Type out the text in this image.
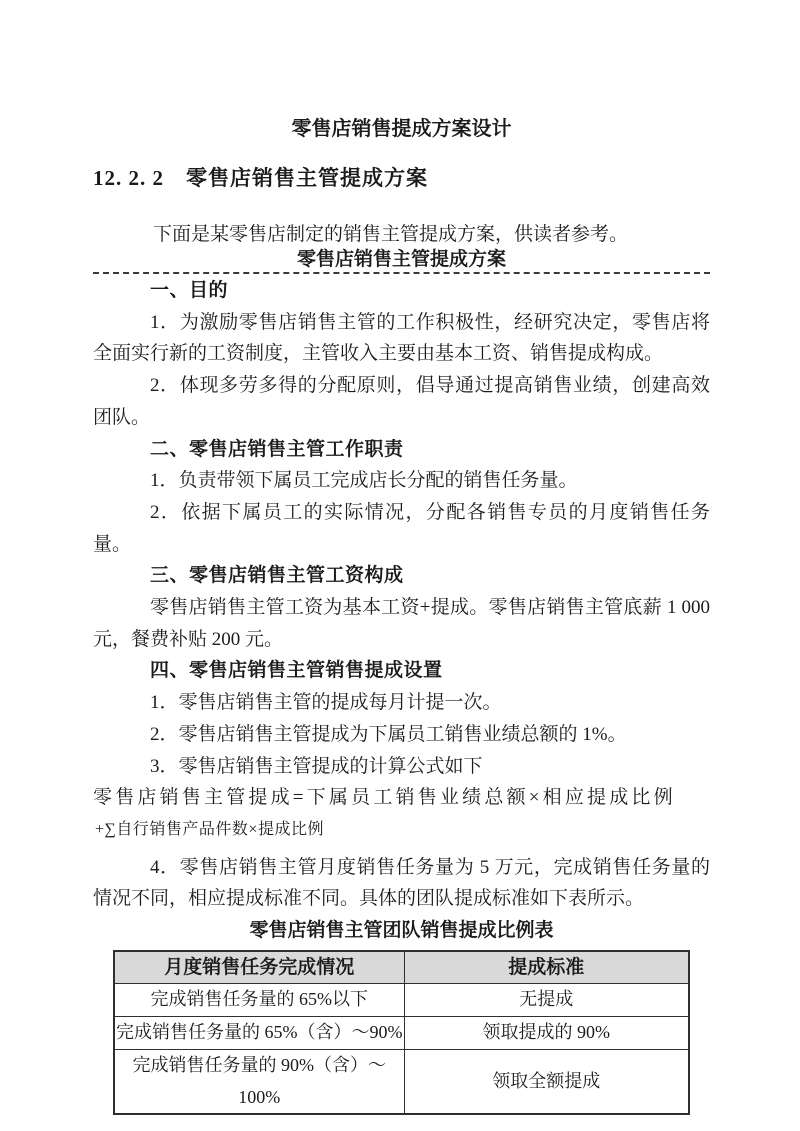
零售店销售提成方案设计
12. 2. 2　零售店销售主管提成方案

下面是某零售店制定的销售主管提成方案，供读者参考。

零售店销售主管提成方案

一、目的

1．为激励零售店销售主管的工作积极性，经研究决定，零售店将全面实行新的工资制度，主管收入主要由基本工资、销售提成构成。

2．体现多劳多得的分配原则，倡导通过提高销售业绩，创建高效团队。

二、零售店销售主管工作职责

1．负责带领下属员工完成店长分配的销售任务量。

2．依据下属员工的实际情况，分配各销售专员的月度销售任务量。

三、零售店销售主管工资构成

零售店销售主管工资为基本工资+提成。零售店销售主管底薪 1 000 元，餐费补贴 200 元。

四、零售店销售主管销售提成设置

1．零售店销售主管的提成每月计提一次。

2．零售店销售主管提成为下属员工销售业绩总额的 1%。

3．零售店销售主管提成的计算公式如下

零售店销售主管提成=下属员工销售业绩总额×相应提成比例

+∑自行销售产品件数×提成比例

4．零售店销售主管月度销售任务量为 5 万元，完成销售任务量的情况不同，相应提成标准不同。具体的团队提成标准如下表所示。

零售店销售主管团队销售提成比例表

月度销售任务完成情况	提成标准
完成销售任务量的 65%以下	无提成
完成销售任务量的 65%（含）～90%	领取提成的 90%
完成销售任务量的 90%（含）～100%	领取全额提成
